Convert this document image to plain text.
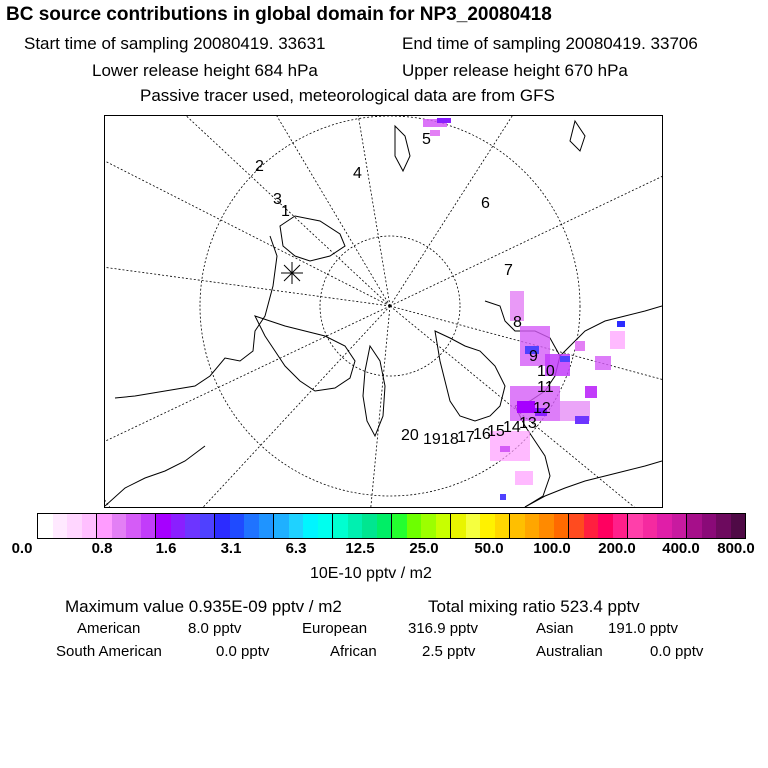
BC source contributions in global domain for NP3_20080418
Start time of sampling 20080419. 33631	End time of sampling 20080419. 33706
Lower release height 684 hPa	Upper release height 670 hPa
Passive tracer used, meteorological data are from GFS
1
2
3
4
5
6
7
8
9
10
11
12
13
14
15
16
17
18
19
20
0.0	0.8	1.6	3.1	6.3	12.5 25.0 50.0 100.0 200.0 400.0 800.0
10E-10 pptv / m2
Maximum value 0.935E-09 pptv / m2	Total mixing ratio 523.4 pptv
American	8.0 pptv	European	316.9 pptv	Asian 191.0 pptv
South American	0.0 pptv	African	2.5 pptv	Australian	0.0 pptv
